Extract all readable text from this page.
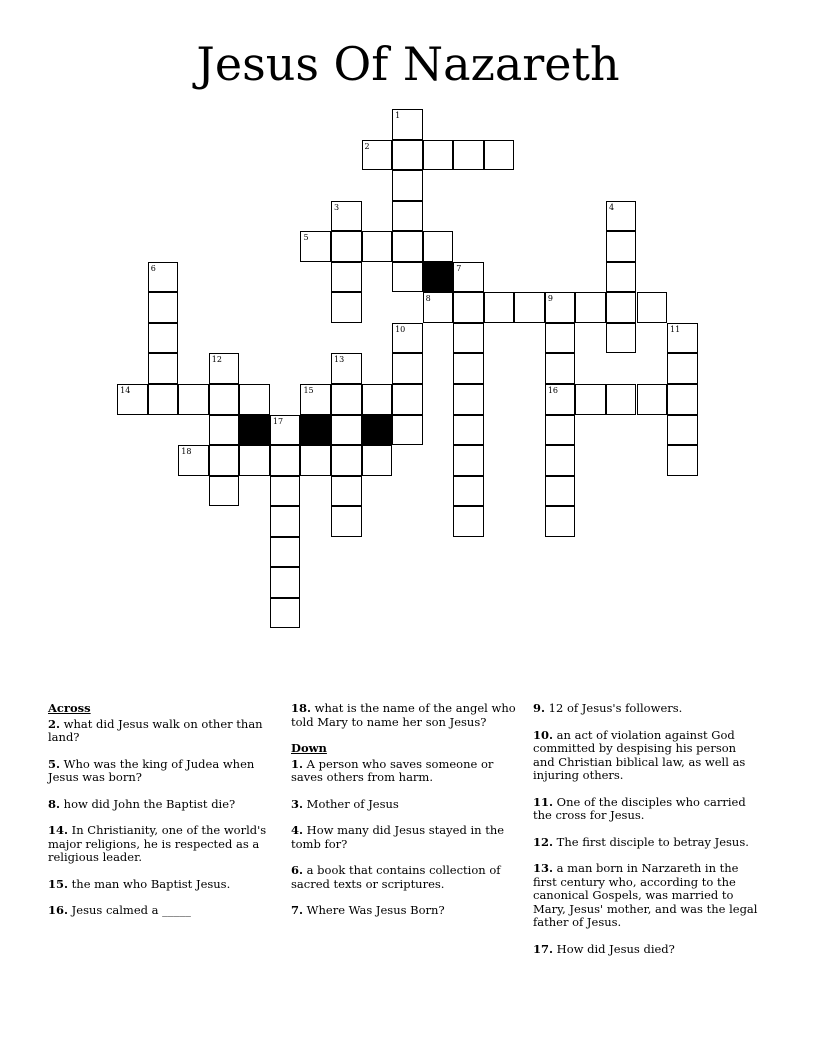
Jesus Of Nazareth
1
2
3	4
5
6	7
8	9
10	11
12	13
14	15	16
17
18
Across
2. what did Jesus walk on other than land?
5. Who was the king of Judea when Jesus was born?
8. how did John the Baptist die?
14. In Christianity, one of the world's major religions, he is respected as a religious leader.
15. the man who Baptist Jesus.
16. Jesus calmed a _____
18. what is the name of the angel who told Mary to name her son Jesus?
Down
1. A person who saves someone or saves others from harm.
3. Mother of Jesus
4. How many did Jesus stayed in the tomb for?
6. a book that contains collection of sacred texts or scriptures.
7. Where Was Jesus Born?
9. 12 of Jesus's followers.
10. an act of violation against God committed by despising his person and Christian biblical law, as well as injuring others.
11. One of the disciples who carried the cross for Jesus.
12. The first disciple to betray Jesus.
13. a man born in Narzareth in the first century who, according to the canonical Gospels, was married to Mary, Jesus' mother, and was the legal father of Jesus.
17. How did Jesus died?
